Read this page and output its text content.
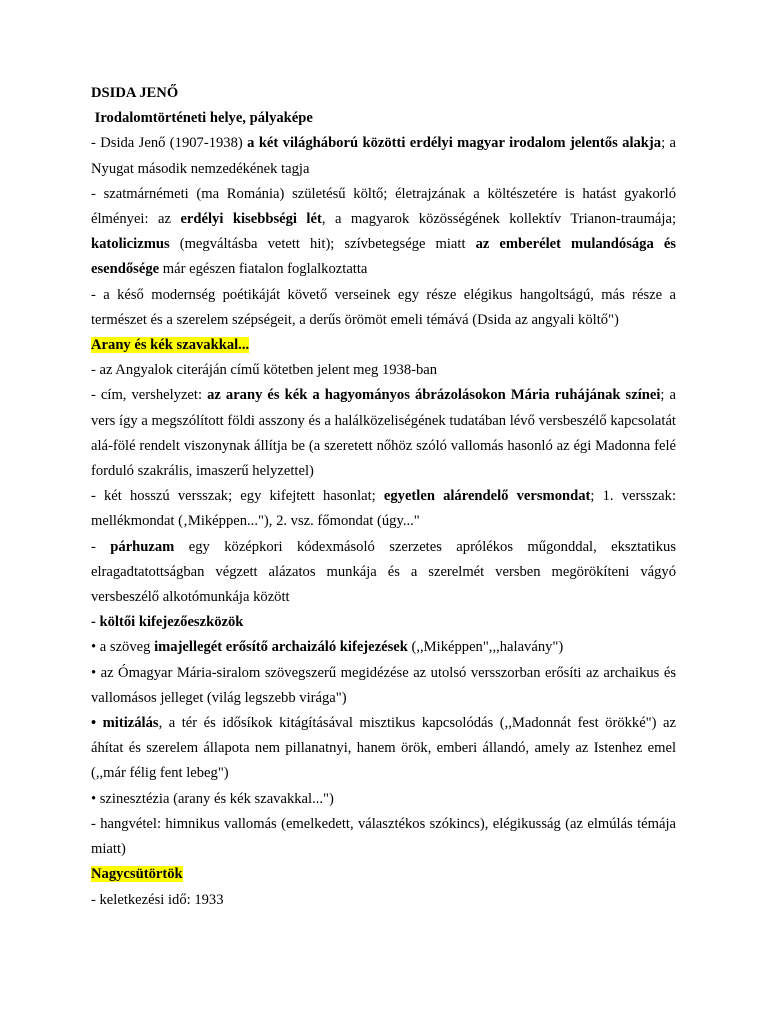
DSIDA JENŐ

Irodalomtörténeti helye, pályaképe

- Dsida Jenő (1907-1938) a két világháború közötti erdélyi magyar irodalom jelentős alakja; a Nyugat második nemzedékének tagja

- szatmárnémeti (ma Románia) születésű költő; életrajzának a költészetére is hatást gyakorló élményei: az erdélyi kisebbségi lét, a magyarok közösségének kollektív Trianon-traumája; katolicizmus (megváltásba vetett hit); szívbetegsége miatt az emberélet mulandósága és esendősége már egészen fiatalon foglalkoztatta

- a késő modernség poétikáját követő verseinek egy része elégikus hangoltságú, más része a természet és a szerelem szépségeit, a derűs örömöt emeli témává (Dsida az angyali költő")

Arany és kék szavakkal...

- az Angyalok citeráján című kötetben jelent meg 1938-ban

- cím, vershelyzet: az arany és kék a hagyományos ábrázolásokon Mária ruhájának színei; a vers így a megszólított földi asszony és a halálközeliségének tudatában lévő versbeszélő kapcsolatát alá-fölé rendelt viszonynak állítja be (a szeretett nőhöz szóló vallomás hasonló az égi Madonna felé forduló szakrális, imaszerű helyzettel)

- két hosszú versszak; egy kifejtett hasonlat; egyetlen alárendelő versmondat; 1. versszak: mellékmondat (‚Miképpen..."), 2. vsz. főmondat (úgy..."

- párhuzam egy középkori kódexmásoló szerzetes aprólékos műgonddal, eksztatikus elragadtatottságban végzett alázatos munkája és a szerelmét versben megörökíteni vágyó versbeszélő alkotómunkája között

- költői kifejezőeszközök

• a szöveg imajellegét erősítő archaizáló kifejezések (,,Miképpen",,,halavány")

• az Ómagyar Mária-siralom szövegszerű megidézése az utolsó versszorban erősíti az archaikus és vallomásos jelleget (világ legszebb virága")

• mitizálás, a tér és idősíkok kitágításával misztikus kapcsolódás (,,Madonnát fest örökké") az áhítat és szerelem állapota nem pillanatnyi, hanem örök, emberi állandó, amely az Istenhez emel (,,már félig fent lebeg")

• szinesztézia (arany és kék szavakkal...")

- hangvétel: himnikus vallomás (emelkedett, választékos szókincs), elégikusság (az elmúlás témája miatt)

Nagycsütörtök

- keletkezési idő: 1933
